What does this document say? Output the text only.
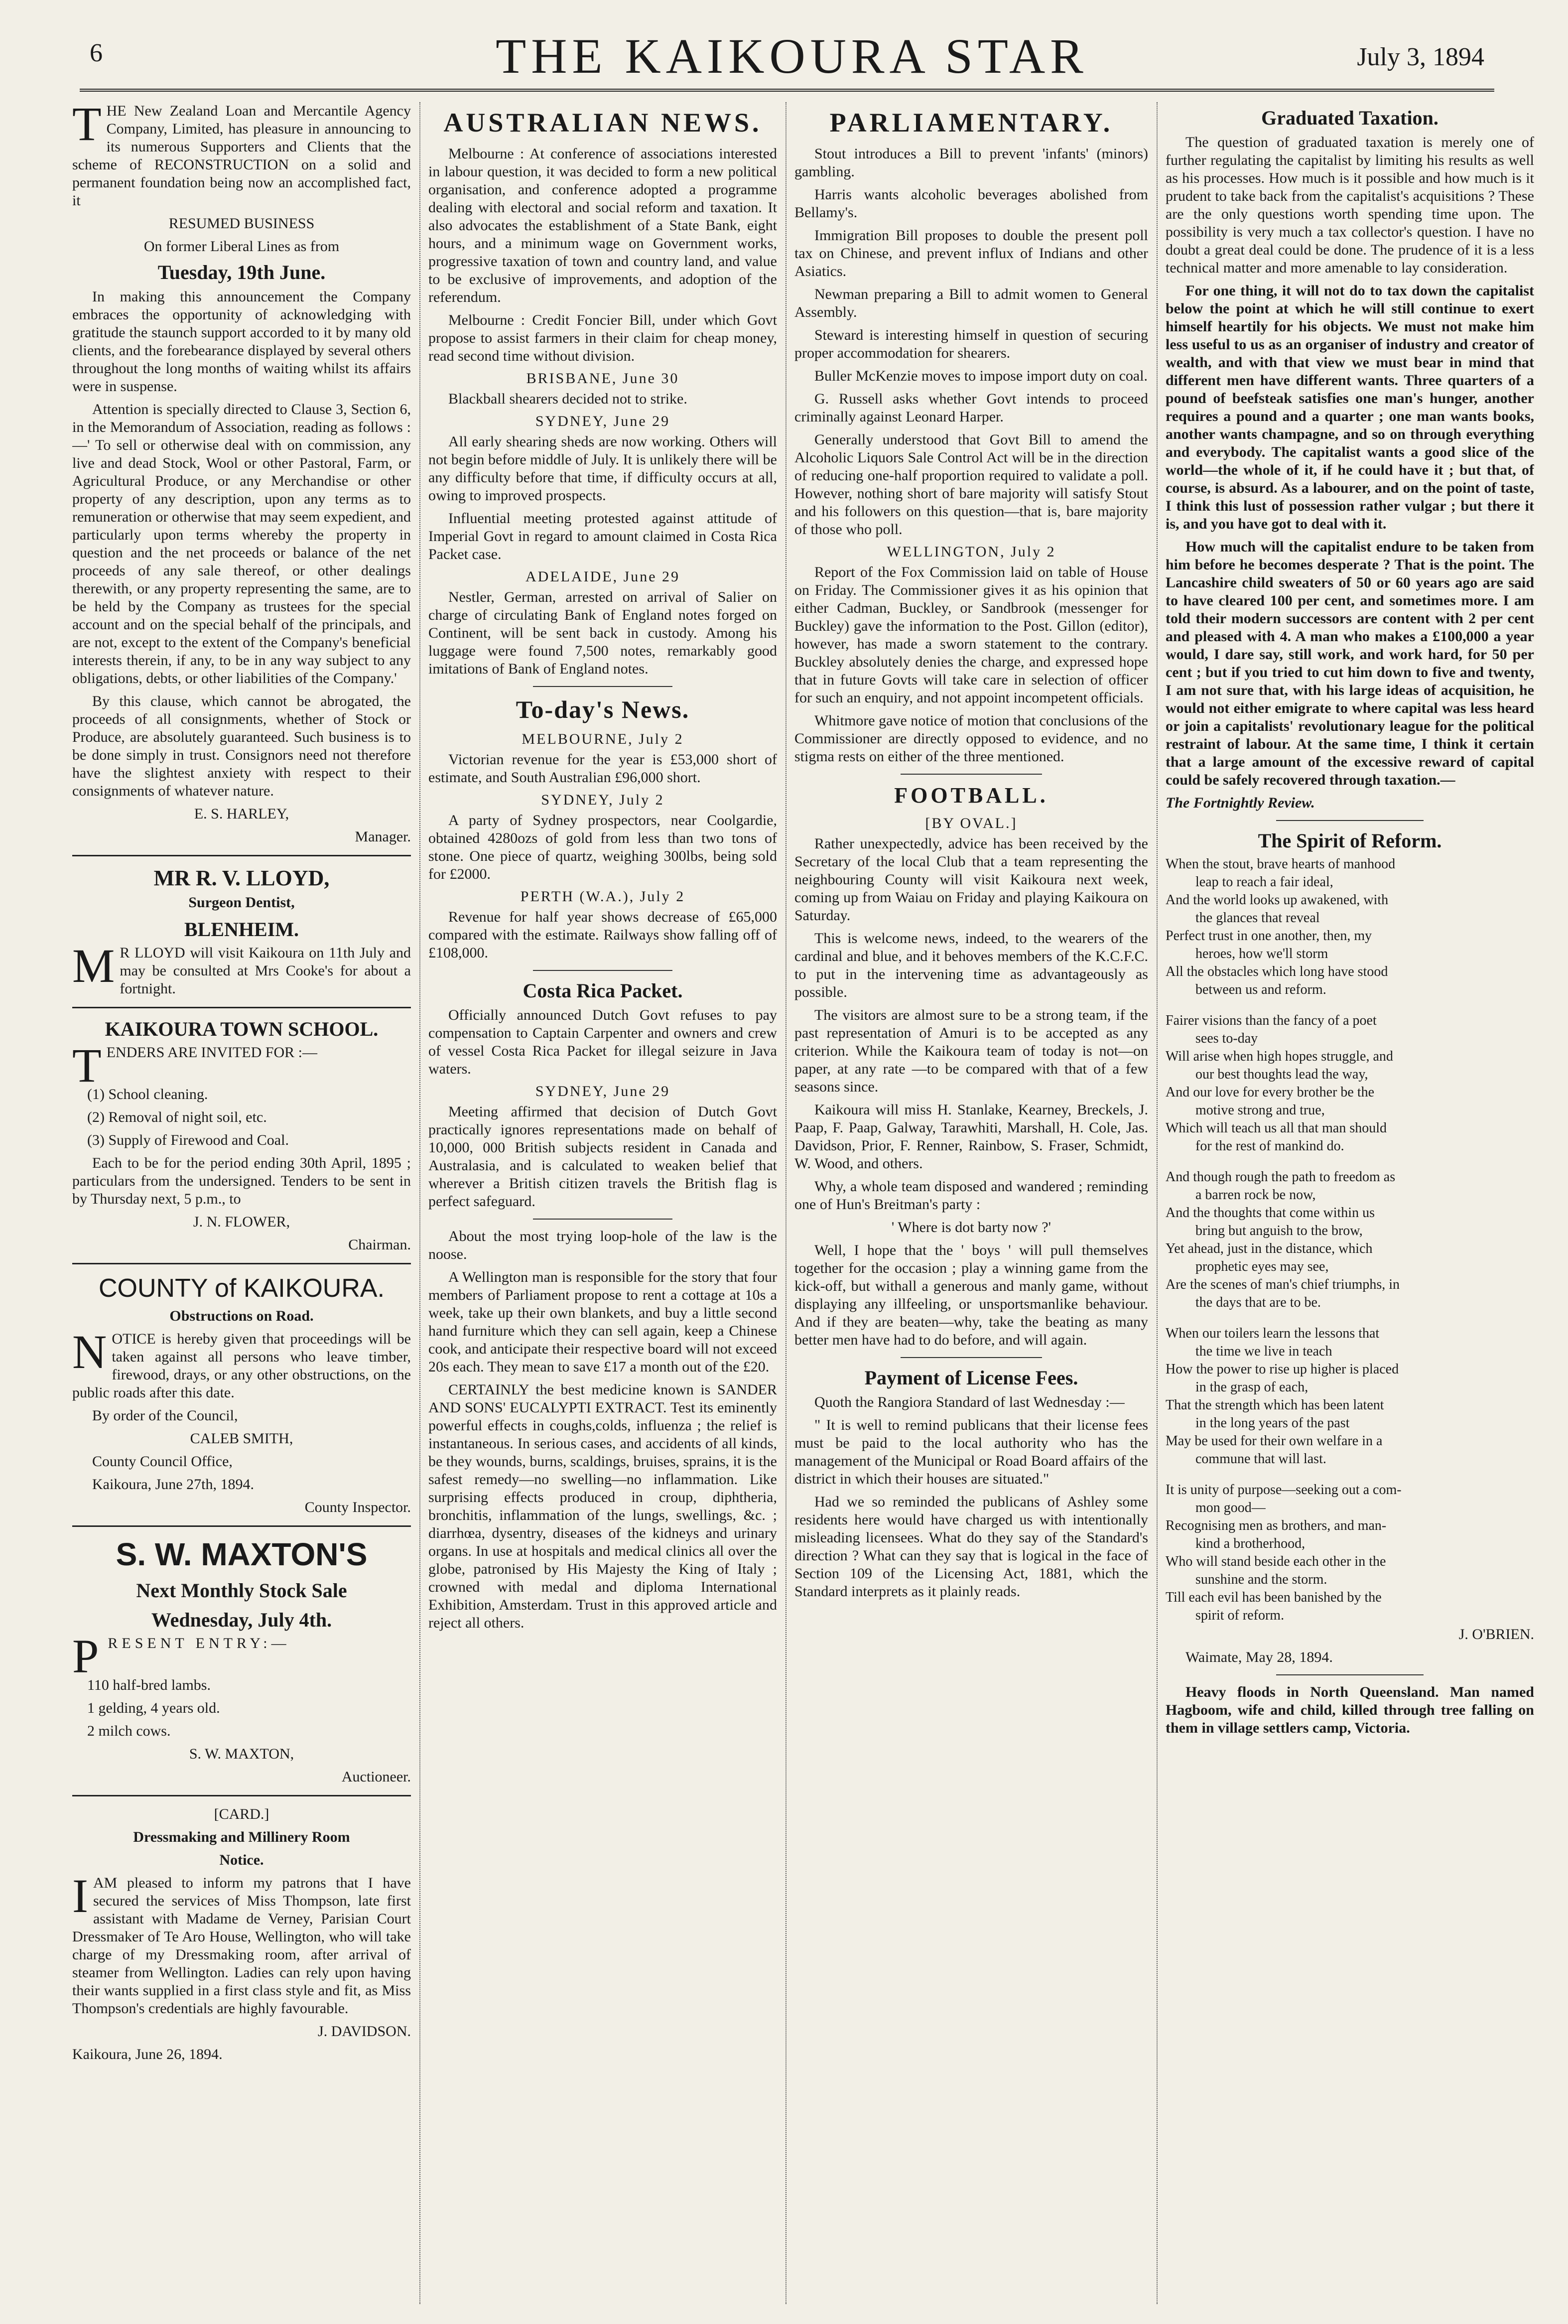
6	THE KAIKOURA STAR	July 3, 1894

THE New Zealand Loan and Mercantile Agency Company, Limited, has pleasure in announcing to its numerous Supporters and Clients that the scheme of RECONSTRUCTION on a solid and permanent foundation being now an accomplished fact, it

RESUMED BUSINESS

On former Liberal Lines as from

Tuesday, 19th June.

In making this announcement the Company embraces the opportunity of acknowledging with gratitude the staunch support accorded to it by many old clients, and the forebearance displayed by several others throughout the long months of waiting whilst its affairs were in suspense.

Attention is specially directed to Clause 3, Section 6, in the Memorandum of Association, reading as follows :—' To sell or otherwise deal with on commission, any live and dead Stock, Wool or other Pastoral, Farm, or Agricultural Produce, or any Merchandise or other property of any description, upon any terms as to remuneration or otherwise that may seem expedient, and particularly upon terms whereby the property in question and the net proceeds or balance of the net proceeds of any sale thereof, or other dealings therewith, or any property representing the same, are to be held by the Company as trustees for the special account and on the special behalf of the principals, and are not, except to the extent of the Company's beneficial interests therein, if any, to be in any way subject to any obligations, debts, or other liabilities of the Company.'

By this clause, which cannot be abrogated, the proceeds of all consignments, whether of Stock or Produce, are absolutely guaranteed. Such business is to be done simply in trust. Consignors need not therefore have the slightest anxiety with respect to their consignments of whatever nature.

E. S. HARLEY,

Manager.

MR R. V. LLOYD,

Surgeon Dentist,

BLENHEIM.

M R LLOYD will visit Kaikoura on 11th July and may be consulted at Mrs Cooke's for about a fortnight.

KAIKOURA TOWN SCHOOL.

TENDERS ARE INVITED FOR :—

(1) School cleaning.

(2) Removal of night soil, etc.

(3) Supply of Firewood and Coal.

Each to be for the period ending 30th April, 1895 ; particulars from the undersigned. Tenders to be sent in by Thursday next, 5 p.m., to

J. N. FLOWER,

Chairman.

COUNTY of KAIKOURA.

Obstructions on Road.

NOTICE is hereby given that proceedings will be taken against all persons who leave timber, firewood, drays, or any other obstructions, on the public roads after this date.

By order of the Council,

CALEB SMITH,

County Council Office,

Kaikoura, June 27th, 1894.

County Inspector.

S. W. MAXTON'S
Next Monthly Stock Sale
Wednesday, July 4th.

PRESENT ENTRY:—

110 half-bred lambs.

1 gelding, 4 years old.

2 milch cows.

S. W. MAXTON,

Auctioneer.

[CARD.]

Dressmaking and Millinery Room

Notice.

IAM pleased to inform my patrons that I have secured the services of Miss Thompson, late first assistant with Madame de Verney, Parisian Court Dressmaker of Te Aro House, Wellington, who will take charge of my Dressmaking room, after arrival of steamer from Wellington. Ladies can rely upon having their wants supplied in a first class style and fit, as Miss Thompson's credentials are highly favourable.

J. DAVIDSON.

Kaikoura, June 26, 1894.

AUSTRALIAN NEWS.

Melbourne : At conference of associations interested in labour question, it was decided to form a new political organisation, and conference adopted a programme dealing with electoral and social reform and taxation. It also advocates the establishment of a State Bank, eight hours, and a minimum wage on Government works, progressive taxation of town and country land, and value to be exclusive of improvements, and adoption of the referendum.

Melbourne : Credit Foncier Bill, under which Govt propose to assist farmers in their claim for cheap money, read second time without division.

BRISBANE, June 30

Blackball shearers decided not to strike.

SYDNEY, June 29

All early shearing sheds are now working. Others will not begin before middle of July. It is unlikely there will be any difficulty before that time, if difficulty occurs at all, owing to improved prospects.

Influential meeting protested against attitude of Imperial Govt in regard to amount claimed in Costa Rica Packet case.

ADELAIDE, June 29

Nestler, German, arrested on arrival of Salier on charge of circulating Bank of England notes forged on Continent, will be sent back in custody. Among his luggage were found 7,500 notes, remarkably good imitations of Bank of England notes.

To-day's News.
MELBOURNE, July 2

Victorian revenue for the year is £53,000 short of estimate, and South Australian £96,000 short.

SYDNEY, July 2

A party of Sydney prospectors, near Coolgardie, obtained 4280ozs of gold from less than two tons of stone. One piece of quartz, weighing 300lbs, being sold for £2000.

PERTH (W.A.), July 2

Revenue for half year shows decrease of £65,000 compared with the estimate. Railways show falling off of £108,000.

Costa Rica Packet.

Officially announced Dutch Govt refuses to pay compensation to Captain Carpenter and owners and crew of vessel Costa Rica Packet for illegal seizure in Java waters.

SYDNEY, June 29

Meeting affirmed that decision of Dutch Govt practically ignores representations made on behalf of 10,000, 000 British subjects resident in Canada and Australasia, and is calculated to weaken belief that wherever a British citizen travels the British flag is perfect safeguard.

About the most trying loop-hole of the law is the noose.

A Wellington man is responsible for the story that four members of Parliament propose to rent a cottage at 10s a week, take up their own blankets, and buy a little second hand furniture which they can sell again, keep a Chinese cook, and anticipate their respective board will not exceed 20s each. They mean to save £17 a month out of the £20.

CERTAINLY the best medicine known is SANDER AND SONS' EUCALYPTI EXTRACT. Test its eminently powerful effects in coughs,colds, influenza ; the relief is instantaneous. In serious cases, and accidents of all kinds, be they wounds, burns, scaldings, bruises, sprains, it is the safest remedy—no swelling—no inflammation. Like surprising effects produced in croup, diphtheria, bronchitis, inflammation of the lungs, swellings, &c. ; diarrhœa, dysentry, diseases of the kidneys and urinary organs. In use at hospitals and medical clinics all over the globe, patronised by His Majesty the King of Italy ; crowned with medal and diploma International Exhibition, Amsterdam. Trust in this approved article and reject all others.

PARLIAMENTARY.

Stout introduces a Bill to prevent 'infants' (minors) gambling.

Harris wants alcoholic beverages abolished from Bellamy's.

Immigration Bill proposes to double the present poll tax on Chinese, and prevent influx of Indians and other Asiatics.

Newman preparing a Bill to admit women to General Assembly.

Steward is interesting himself in question of securing proper accommodation for shearers.

Buller McKenzie moves to impose import duty on coal.

G. Russell asks whether Govt intends to proceed criminally against Leonard Harper.

Generally understood that Govt Bill to amend the Alcoholic Liquors Sale Control Act will be in the direction of reducing one-half proportion required to validate a poll. However, nothing short of bare majority will satisfy Stout and his followers on this question—that is, bare majority of those who poll.

WELLINGTON, July 2

Report of the Fox Commission laid on table of House on Friday. The Commissioner gives it as his opinion that either Cadman, Buckley, or Sandbrook (messenger for Buckley) gave the information to the Post. Gillon (editor), however, has made a sworn statement to the contrary. Buckley absolutely denies the charge, and expressed hope that in future Govts will take care in selection of officer for such an enquiry, and not appoint incompetent officials.

Whitmore gave notice of motion that conclusions of the Commissioner are directly opposed to evidence, and no stigma rests on either of the three mentioned.

FOOTBALL.
[BY OVAL.]

Rather unexpectedly, advice has been received by the Secretary of the local Club that a team representing the neighbouring County will visit Kaikoura next week, coming up from Waiau on Friday and playing Kaikoura on Saturday.

This is welcome news, indeed, to the wearers of the cardinal and blue, and it behoves members of the K.C.F.C. to put in the intervening time as advantageously as possible.

The visitors are almost sure to be a strong team, if the past representation of Amuri is to be accepted as any criterion. While the Kaikoura team of today is not—on paper, at any rate —to be compared with that of a few seasons since.

Kaikoura will miss H. Stanlake, Kearney, Breckels, J. Paap, F. Paap, Galway, Tarawhiti, Marshall, H. Cole, Jas. Davidson, Prior, F. Renner, Rainbow, S. Fraser, Schmidt, W. Wood, and others.

Why, a whole team disposed and wandered ; reminding one of Hun's Breitman's party :

' Where is dot barty now ?'

Well, I hope that the ' boys ' will pull themselves together for the occasion ; play a winning game from the kick-off, but withall a generous and manly game, without displaying any illfeeling, or unsportsmanlike behaviour. And if they are beaten—why, take the beating as many better men have had to do before, and will again.

Payment of License Fees.

Quoth the Rangiora Standard of last Wednesday :—

" It is well to remind publicans that their license fees must be paid to the local authority who has the management of the Municipal or Road Board affairs of the district in which their houses are situated."

Had we so reminded the publicans of Ashley some residents here would have charged us with intentionally misleading licensees. What do they say of the Standard's direction ? What can they say that is logical in the face of Section 109 of the Licensing Act, 1881, which the Standard interprets as it plainly reads.

Graduated Taxation.

The question of graduated taxation is merely one of further regulating the capitalist by limiting his results as well as his processes. How much is it possible and how much is it prudent to take back from the capitalist's acquisitions ? These are the only questions worth spending time upon. The possibility is very much a tax collector's question. I have no doubt a great deal could be done. The prudence of it is a less technical matter and more amenable to lay consideration.

For one thing, it will not do to tax down the capitalist below the point at which he will still continue to exert himself heartily for his objects. We must not make him less useful to us as an organiser of industry and creator of wealth, and with that view we must bear in mind that different men have different wants. Three quarters of a pound of beefsteak satisfies one man's hunger, another requires a pound and a quarter ; one man wants books, another wants champagne, and so on through everything and everybody. The capitalist wants a good slice of the world—the whole of it, if he could have it ; but that, of course, is absurd. As a labourer, and on the point of taste, I think this lust of possession rather vulgar ; but there it is, and you have got to deal with it.

How much will the capitalist endure to be taken from him before he becomes desperate ? That is the point. The Lancashire child sweaters of 50 or 60 years ago are said to have cleared 100 per cent, and sometimes more. I am told their modern successors are content with 2 per cent and pleased with 4. A man who makes a £100,000 a year would, I dare say, still work, and work hard, for 50 per cent ; but if you tried to cut him down to five and twenty, I am not sure that, with his large ideas of acquisition, he would not either emigrate to where capital was less heard or join a capitalists' revolutionary league for the political restraint of labour. At the same time, I think it certain that a large amount of the excessive reward of capital could be safely recovered through taxation.—

The Fortnightly Review.

The Spirit of Reform.

When the stout, brave hearts of manhood

leap to reach a fair ideal,

And the world looks up awakened, with

the glances that reveal

Perfect trust in one another, then, my

heroes, how we'll storm

All the obstacles which long have stood

between us and reform.

Fairer visions than the fancy of a poet

sees to-day

Will arise when high hopes struggle, and

our best thoughts lead the way,

And our love for every brother be the

motive strong and true,

Which will teach us all that man should

for the rest of mankind do.

And though rough the path to freedom as

a barren rock be now,

And the thoughts that come within us

bring but anguish to the brow,

Yet ahead, just in the distance, which

prophetic eyes may see,

Are the scenes of man's chief triumphs, in

the days that are to be.

When our toilers learn the lessons that

the time we live in teach

How the power to rise up higher is placed

in the grasp of each,

That the strength which has been latent

in the long years of the past

May be used for their own welfare in a

commune that will last.

It is unity of purpose—seeking out a com-

mon good—

Recognising men as brothers, and man-

kind a brotherhood,

Who will stand beside each other in the

sunshine and the storm.

Till each evil has been banished by the

spirit of reform.

J. O'BRIEN.

Waimate, May 28, 1894.

Heavy floods in North Queensland. Man named Hagboom, wife and child, killed through tree falling on them in village settlers camp, Victoria.
